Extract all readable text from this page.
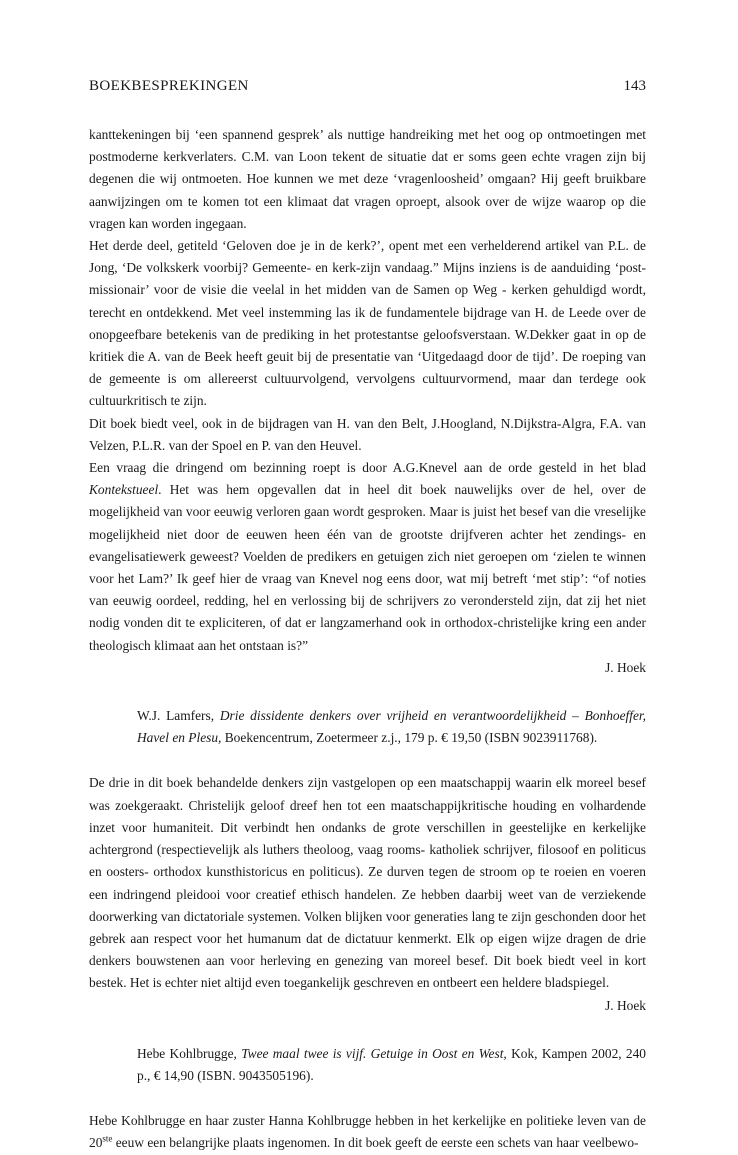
BOEKBESPREKINGEN	143

kanttekeningen bij ‘een spannend gesprek’ als nuttige handreiking met het oog op ontmoetingen met postmoderne kerkverlaters. C.M. van Loon tekent de situatie dat er soms geen echte vragen zijn bij degenen die wij ontmoeten. Hoe kunnen we met deze ‘vragenloosheid’ omgaan? Hij geeft bruikbare aanwijzingen om te komen tot een klimaat dat vragen oproept, alsook over de wijze waarop op die vragen kan worden ingegaan.

Het derde deel, getiteld ‘Geloven doe je in de kerk?’, opent met een verhelderend artikel van P.L. de Jong, ‘De volkskerk voorbij? Gemeente- en kerk-zijn vandaag.” Mijns inziens is de aanduiding ‘post-missionair’ voor de visie die veelal in het midden van de Samen op Weg - kerken gehuldigd wordt, terecht en ontdekkend. Met veel instemming las ik de fundamentele bijdrage van H. de Leede over de onopgeefbare betekenis van de prediking in het protestantse geloofsverstaan. W.Dekker gaat in op de kritiek die A. van de Beek heeft geuit bij de presentatie van ‘Uitgedaagd door de tijd’. De roeping van de gemeente is om allereerst cultuurvolgend, vervolgens cultuurvormend, maar dan terdege ook cultuurkritisch te zijn.

Dit boek biedt veel, ook in de bijdragen van H. van den Belt, J.Hoogland, N.Dijkstra-Algra, F.A. van Velzen, P.L.R. van der Spoel en P. van den Heuvel.

Een vraag die dringend om bezinning roept is door A.G.Knevel aan de orde gesteld in het blad Kontekstueel. Het was hem opgevallen dat in heel dit boek nauwelijks over de hel, over de mogelijkheid van voor eeuwig verloren gaan wordt gesproken. Maar is juist het besef van die vreselijke mogelijkheid niet door de eeuwen heen één van de grootste drijfveren achter het zendings- en evangelisatiewerk geweest? Voelden de predikers en getuigen zich niet geroepen om ‘zielen te winnen voor het Lam?’ Ik geef hier de vraag van Knevel nog eens door, wat mij betreft ‘met stip’: “of noties van eeuwig oordeel, redding, hel en verlossing bij de schrijvers zo verondersteld zijn, dat zij het niet nodig vonden dit te expliciteren, of dat er langzamerhand ook in orthodox-christelijke kring een ander theologisch klimaat aan het ontstaan is?”

J. Hoek

W.J. Lamfers, Drie dissidente denkers over vrijheid en verantwoordelijkheid – Bonhoeffer, Havel en Plesu, Boekencentrum, Zoetermeer z.j., 179 p. € 19,50 (ISBN 9023911768).

De drie in dit boek behandelde denkers zijn vastgelopen op een maatschappij waarin elk moreel besef was zoekgeraakt. Christelijk geloof dreef hen tot een maatschappijkritische houding en volhardende inzet voor humaniteit. Dit verbindt hen ondanks de grote verschillen in geestelijke en kerkelijke achtergrond (respectievelijk als luthers theoloog, vaag rooms- katholiek schrijver, filosoof en politicus en oosters- orthodox kunsthistoricus en politicus). Ze durven tegen de stroom op te roeien en voeren een indringend pleidooi voor creatief ethisch handelen. Ze hebben daarbij weet van de verziekende doorwerking van dictatoriale systemen. Volken blijken voor generaties lang te zijn geschonden door het gebrek aan respect voor het humanum dat de dictatuur kenmerkt. Elk op eigen wijze dragen de drie denkers bouwstenen aan voor herleving en genezing van moreel besef. Dit boek biedt veel in kort bestek. Het is echter niet altijd even toegankelijk geschreven en ontbeert een heldere bladspiegel.

J. Hoek

Hebe Kohlbrugge, Twee maal twee is vijf. Getuige in Oost en West, Kok, Kampen 2002, 240 p., € 14,90 (ISBN. 9043505196).

Hebe Kohlbrugge en haar zuster Hanna Kohlbrugge hebben in het kerkelijke en politieke leven van de 20ste eeuw een belangrijke plaats ingenomen. In dit boek geeft de eerste een schets van haar veelbewo-
